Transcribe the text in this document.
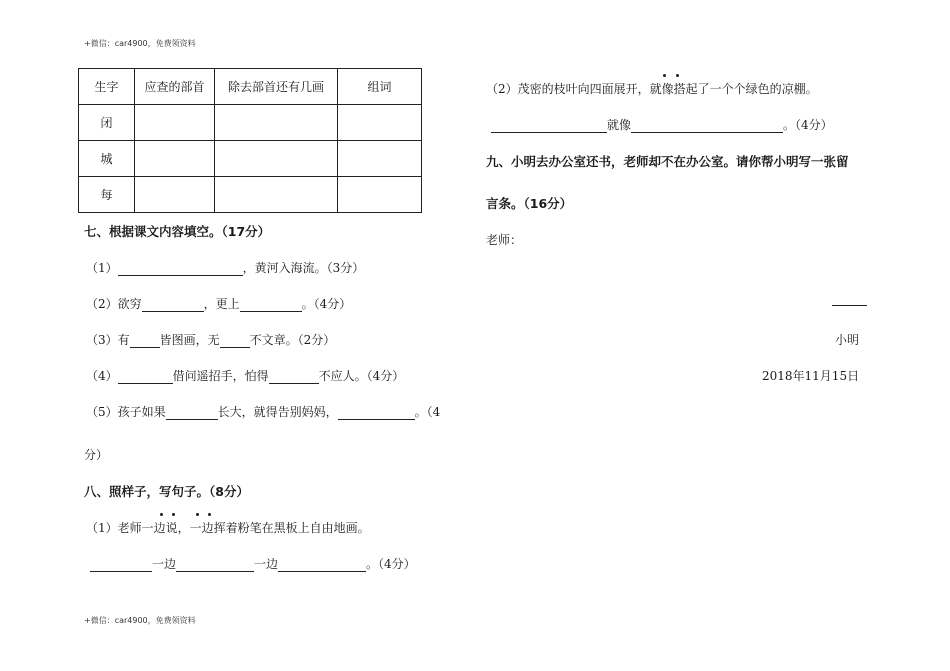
+微信：car4900，免费领资料
+微信：car4900，免费领资料
生字	应查的部首	除去部首还有几画	组词
闭			
城			
每			
七、根据课文内容填空。（17分）
（1）	，黄河入海流。（3分）
（2）欲穷	，更上	。（4分）
（3）有	皆图画，无	不文章。（2分）
（4）	借问遥招手，怕得	不应人。（4分）
（5）孩子如果	长大，就得告别妈妈，	。（4
分）
八、照样子，写句子。（8分）
（1）老师一边说，一边挥着粉笔在黑板上自由地画。
一边	一边	。（4分）
（2）茂密的枝叶向四面展开，就像搭起了一个个绿色的凉棚。
就像	。（4分）
九、小明去办公室还书，老师却不在办公室。请你帮小明写一张留
言条。（16分）
老师：
小明
2018年11月15日
